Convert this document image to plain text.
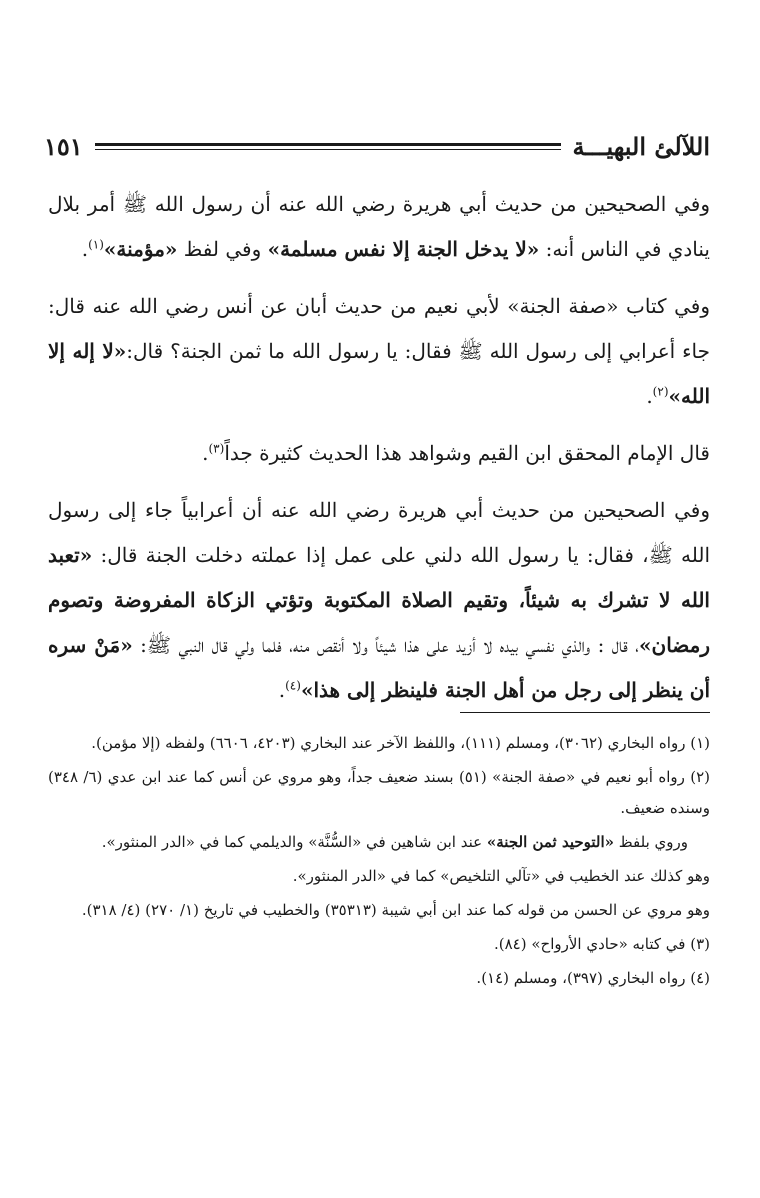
اللآلئ البهيـــة
١٥١

وفي الصحيحين من حديث أبي هريرة رضي الله عنه أن رسول الله ﷺ أمر بلال ينادي في الناس أنه: «لا يدخل الجنة إلا نفس مسلمة» وفي لفظ «مؤمنة»$^{(١)}$.

وفي كتاب «صفة الجنة» لأبي نعيم من حديث أبان عن أنس رضي الله عنه قال: جاء أعرابي إلى رسول الله ﷺ فقال: يا رسول الله ما ثمن الجنة؟ قال:«لا إله إلا الله»$^{(٢)}$.

قال الإمام المحقق ابن القيم وشواهد هذا الحديث كثيرة جداً$^{(٣)}$.

وفي الصحيحين من حديث أبي هريرة رضي الله عنه أن أعرابياً جاء إلى رسول الله ﷺ، فقال: يا رسول الله دلني على عمل إذا عملته دخلت الجنة قال: «تعبد الله لا تشرك به شيئاً، وتقيم الصلاة المكتوبة وتؤتي الزكاة المفروضة وتصوم رمضان»، قال : والذي نفسي بيده لا أزيد على هذا شيئاً ولا أنقص منه، فلما ولي قال النبي ﷺ: «مَنْ سره أن ينظر إلى رجل من أهل الجنة فلينظر إلى هذا»$^{(٤)}$.

(١) رواه البخاري (٣٠٦٢)، ومسلم (١١١)، واللفظ الآخر عند البخاري (٤٢٠٣، ٦٦٠٦) ولفظه (إلا مؤمن).

(٢) رواه أبو نعيم في «صفة الجنة» (٥١) بسند ضعيف جداً، وهو مروي عن أنس كما عند ابن عدي (٦/ ٣٤٨) وسنده ضعيف.

وروي بلفظ «التوحيد ثمن الجنة» عند ابن شاهين في «السُّنَّة» والديلمي كما في «الدر المنثور».

وهو كذلك عند الخطيب في «تآلي التلخيص» كما في «الدر المنثور».

وهو مروي عن الحسن من قوله كما عند ابن أبي شيبة (٣٥٣١٣) والخطيب في تاريخ (١/ ٢٧٠) (٤/ ٣١٨).

(٣) في كتابه «حادي الأرواح» (٨٤).

(٤) رواه البخاري (٣٩٧)، ومسلم (١٤).
